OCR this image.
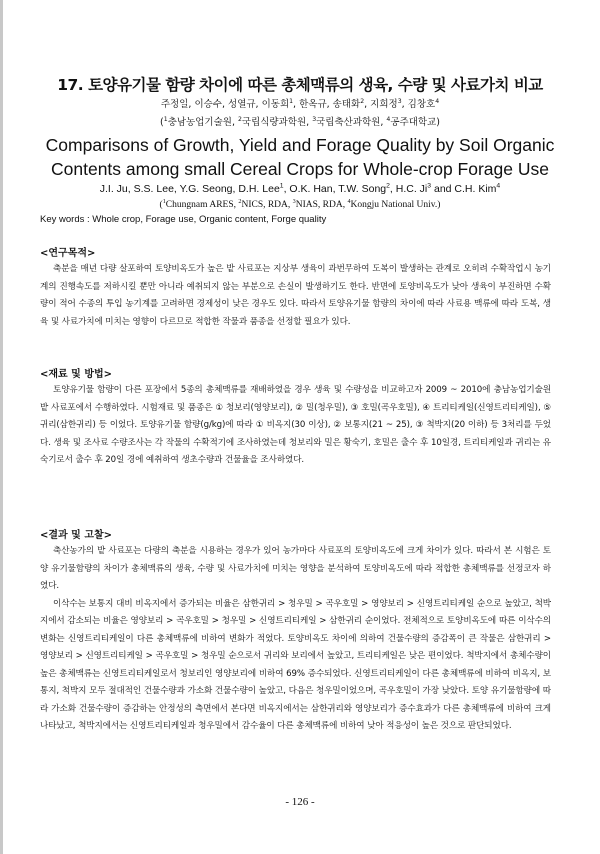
17. 토양유기물 함량 차이에 따른 총체맥류의 생육, 수량 및 사료가치 비교
주정일, 이승수, 성열규, 이동희$^1$, 한옥규, 송태화$^2$, 지희정$^3$, 김창호$^4$
($^1$충남농업기술원, $^2$국립식량과학원, $^3$국립축산과학원, $^4$공주대학교)
Comparisons of Growth, Yield and Forage Quality by Soil Organic
Contents among small Cereal Crops for Whole-crop Forage Use
J.I. Ju, S.S. Lee, Y.G. Seong, D.H. Lee$^1$, O.K. Han, T.W. Song$^2$, H.C. Ji$^3$ and C.H. Kim$^4$
($^1$Chungnam ARES, $^2$NICS, RDA, $^3$NIAS, RDA, $^4$Kongju National Univ.)
Key words : Whole crop, Forage use, Organic content, Forge quality
<연구목적>

축분을 매년 다량 살포하여 토양비옥도가 높은 밭 사료포는 지상부 생육이 과번무하여 도복이 발생하는 관계로 오히려 수확작업시 농기계의 진행속도를 저하시킬 뿐만 아니라 예취되지 않는 부분으로 손실이 발생하기도 한다. 반면에 토양비옥도가 낮아 생육이 부진하면 수확량이 적어 수종의 투입 농기계를 고려하면 경제성이 낮은 경우도 있다. 따라서 토양유기물 함량의 차이에 따라 사료용 맥류에 따라 도복, 생육 및 사료가치에 미치는 영향이 다르므로 적합한 작물과 품종을 선정할 필요가 있다.

<재료 및 방법>

토양유기물 함량이 다른 포장에서 5종의 총체맥류를 재배하였을 경우 생육 및 수량성을 비교하고자 2009 ~ 2010에 충남농업기술원 밭 사료포에서 수행하였다. 시험재료 및 품종은 ① 청보리(영양보리), ② 밀(청우밀), ③ 호밀(곡우호밀), ④ 트리티케일(신영트리티케일), ⑤ 귀리(삼한귀리) 등 이었다. 토양유기물 함량(g/kg)에 따라 ① 비옥지(30 이상), ② 보통지(21 ~ 25), ③ 척박지(20 이하) 등 3처리를 두었다. 생육 및 조사료 수량조사는 각 작물의 수확적기에 조사하였는데 청보리와 밀은 황숙기, 호밀은 출수 후 10일경, 트리티케일과 귀리는 유숙기로서 출수 후 20일 경에 예취하여 생초수량과 건물율을 조사하였다.

<결과 및 고찰>

축산농가의 밭 사료포는 다량의 축분을 시용하는 경우가 있어 농가마다 사료포의 토양비옥도에 크게 차이가 있다. 따라서 본 시험은 토양 유기물함량의 차이가 총체맥류의 생육, 수량 및 사료가치에 미치는 영향을 분석하여 토양비옥도에 따라 적합한 총체맥류를 선정코자 하였다.

이삭수는 보통지 대비 비옥지에서 증가되는 비율은 삼한귀리 > 청우밀 > 곡우호밀 > 영양보리 > 신영트리티케일 순으로 높았고, 척박지에서 감소되는 비율은 영양보리 > 곡우호밀 > 청우밀 > 신영트리티케일 > 삼한귀리 순이었다. 전체적으로 토양비옥도에 따른 이삭수의 변화는 신영트리티케일이 다른 총체맥류에 비하여 변화가 적었다. 토양비옥도 차이에 의하여 건물수량의 증감폭이 큰 작물은 삼한귀리 > 영양보리 > 신영트리티케일 > 곡우호밀 > 청우밀 순으로서 귀리와 보리에서 높았고, 트리티케일은 낮은 편이었다. 척박지에서 총체수량이 높은 총체맥류는 신영트리티케일로서 청보리인 영양보리에 비하여 69% 증수되었다. 신영트리티케일이 다른 총체맥류에 비하여 비옥지, 보통지, 척박지 모두 절대적인 건물수량과 가소화 건물수량이 높았고, 다음은 청우밀이었으며, 곡우호밀이 가장 낮았다. 토양 유기물함량에 따라 가소화 건물수량이 증감하는 안정성의 측면에서 본다면 비옥지에서는 삼한귀리와 영양보리가 증수효과가 다른 총체맥류에 비하여 크게 나타났고, 척박지에서는 신영트리티케일과 청우밀에서 감수율이 다른 총체맥류에 비하여 낮아 적응성이 높은 것으로 판단되었다.

- 126 -
